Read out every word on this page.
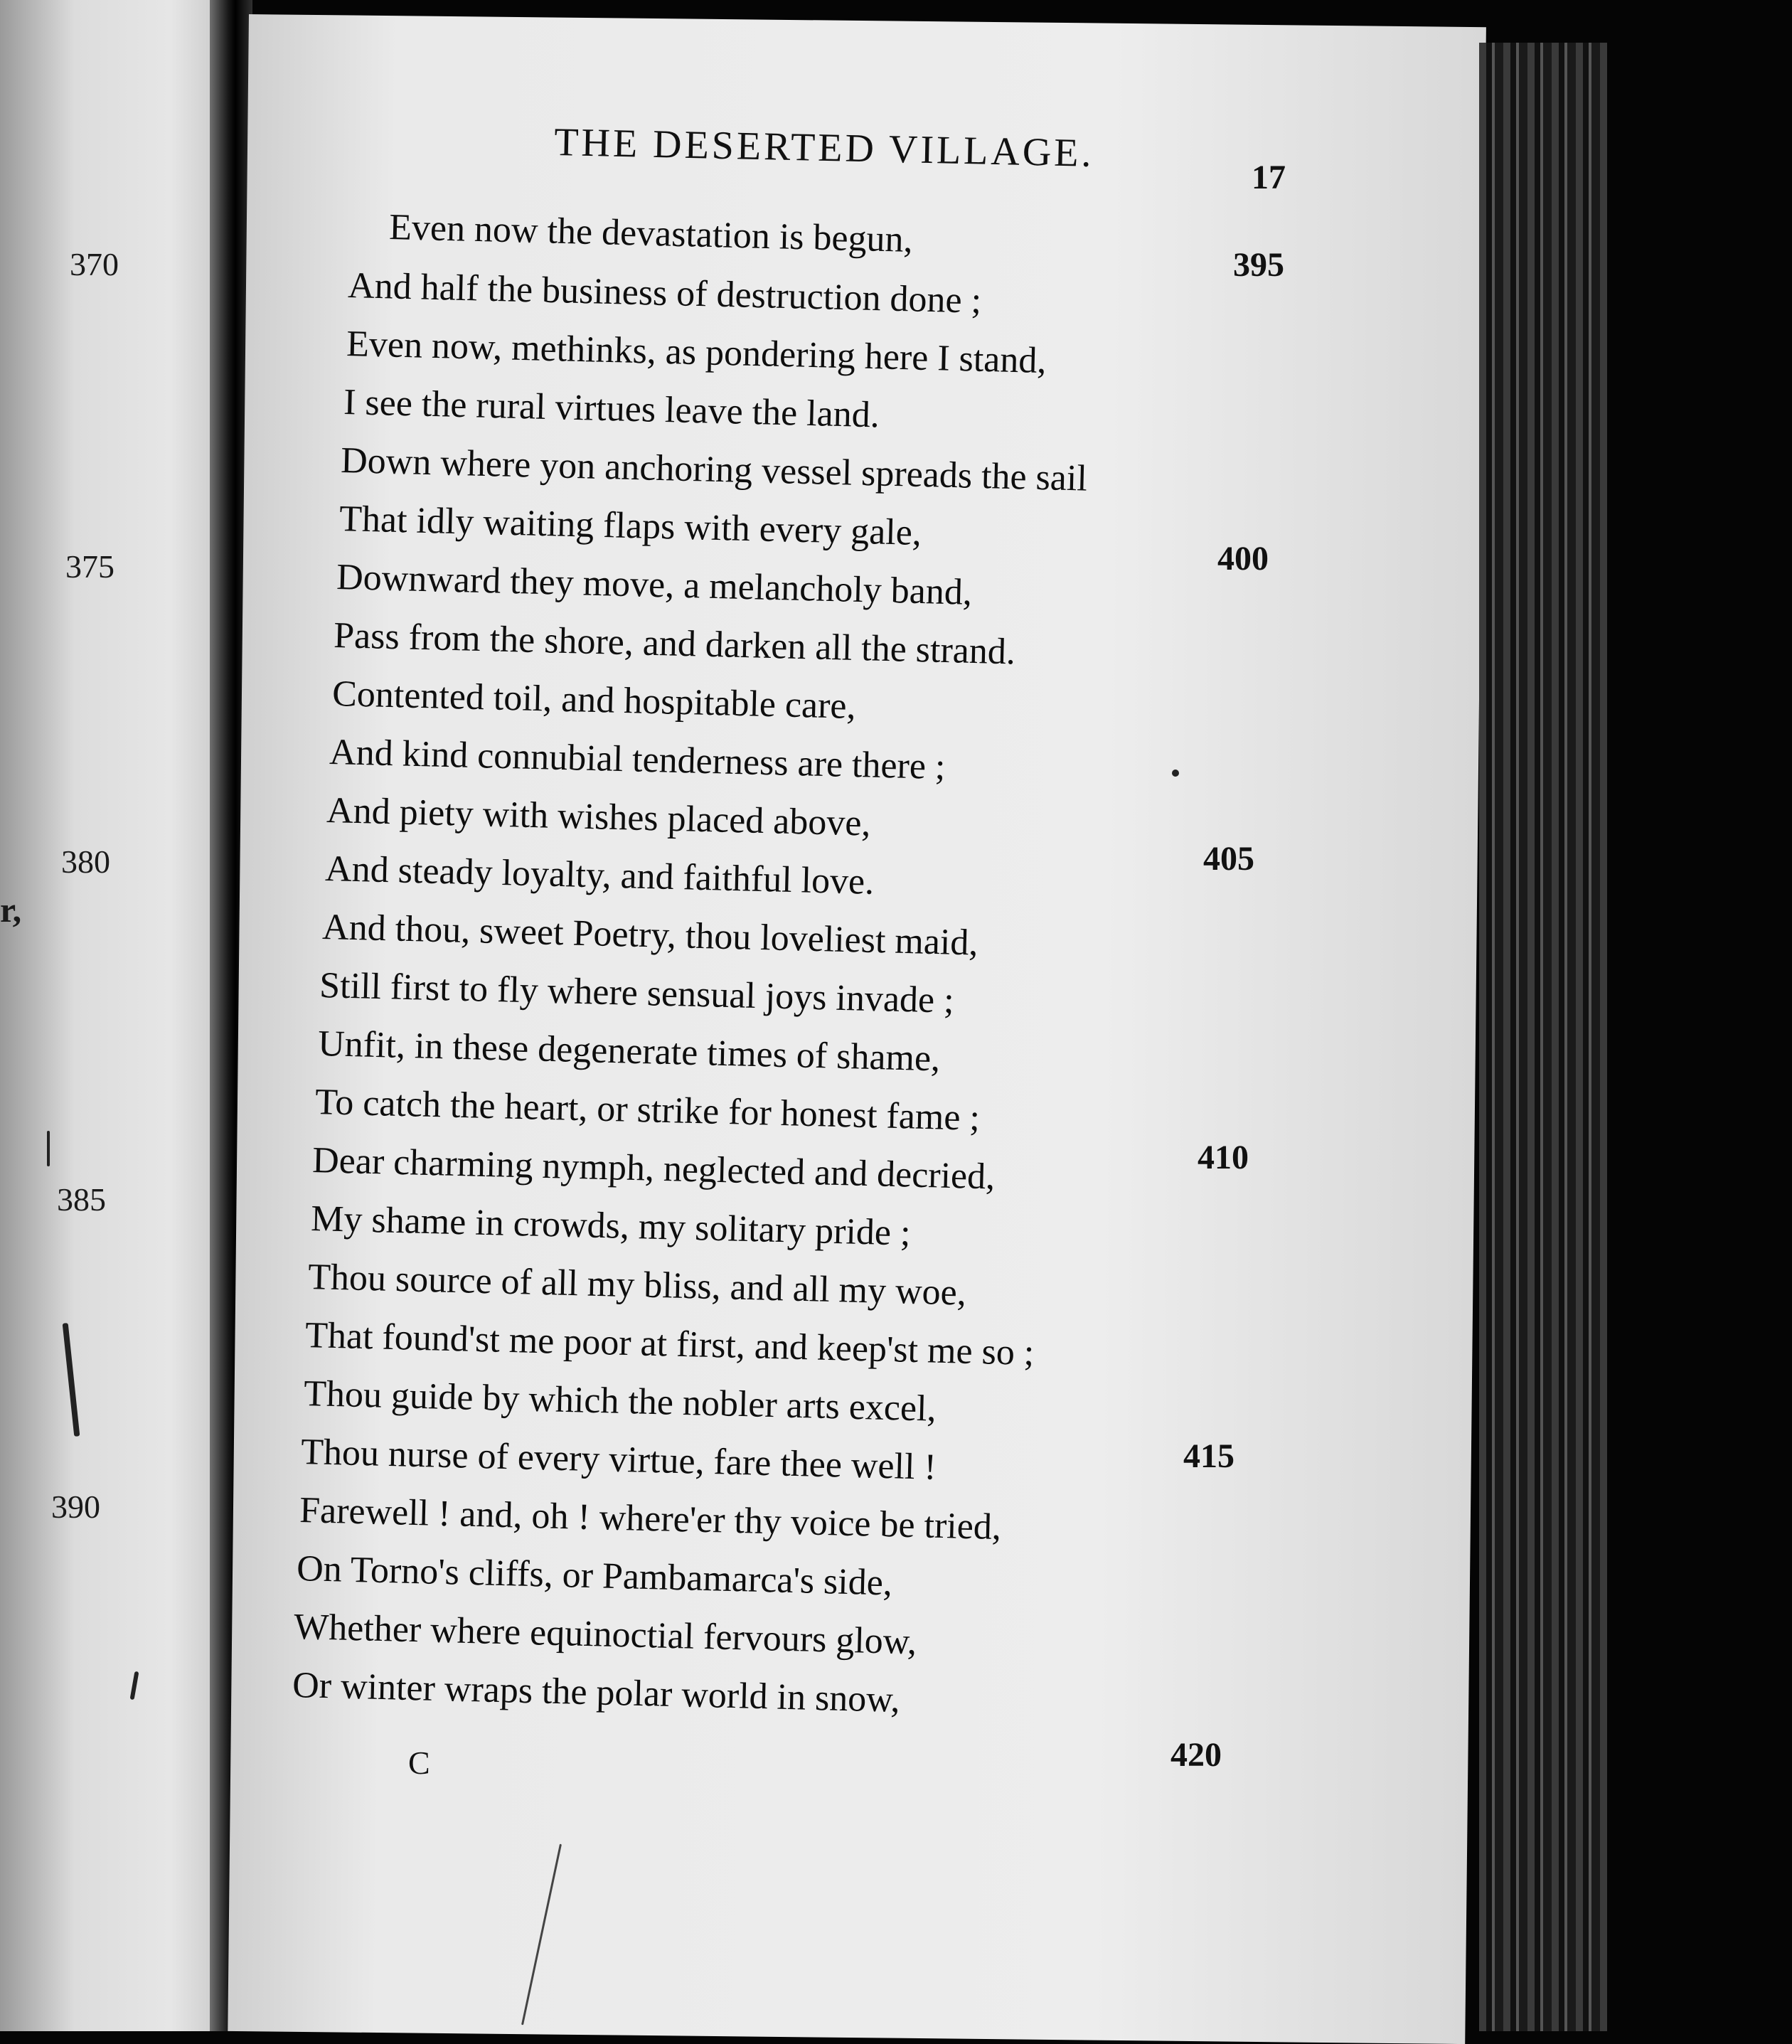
370
375
380
385
390
r,
THE DESERTED VILLAGE.
17
Even now the devastation is begun,
And half the business of destruction done ;
Even now, methinks, as pondering here I stand,
I see the rural virtues leave the land.
Down where yon anchoring vessel spreads the sail
That idly waiting flaps with every gale,
Downward they move, a melancholy band,
Pass from the shore, and darken all the strand.
Contented toil, and hospitable care,
And kind connubial tenderness are there ;
And piety with wishes placed above,
And steady loyalty, and faithful love.
And thou, sweet Poetry, thou loveliest maid,
Still first to fly where sensual joys invade ;
Unfit, in these degenerate times of shame,
To catch the heart, or strike for honest fame ;
Dear charming nymph, neglected and decried,
My shame in crowds, my solitary pride ;
Thou source of all my bliss, and all my woe,
That found'st me poor at first, and keep'st me so ;
Thou guide by which the nobler arts excel,
Thou nurse of every virtue, fare thee well !
Farewell ! and, oh ! where'er thy voice be tried,
On Torno's cliffs, or Pambamarca's side,
Whether where equinoctial fervours glow,
Or winter wraps the polar world in snow,
395
400
405
410
415
420
C
